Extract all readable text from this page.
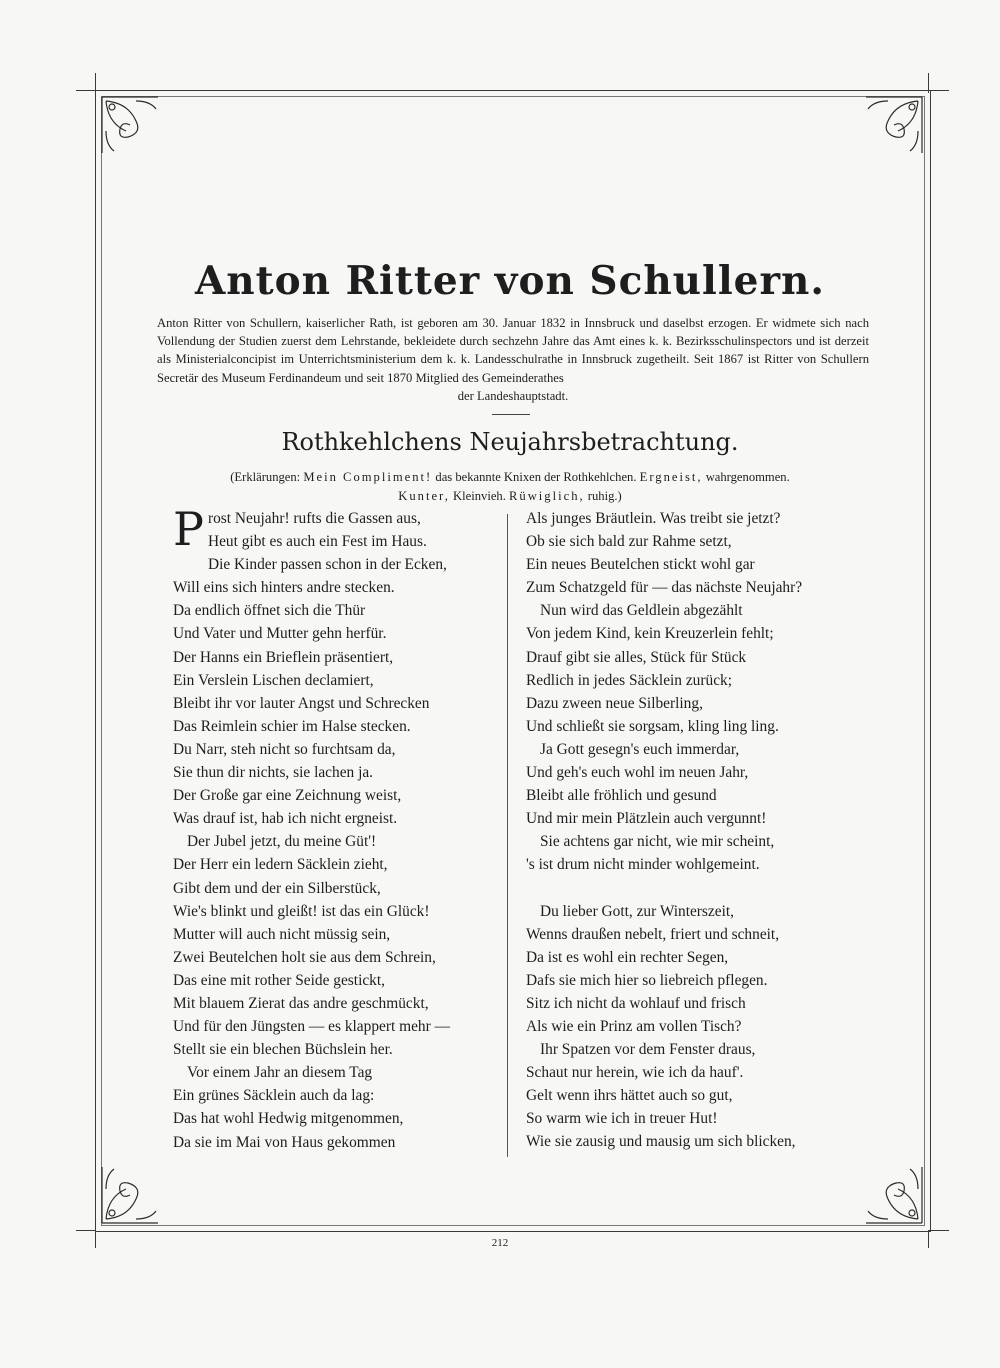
Anton Ritter von Schullern.
Anton Ritter von Schullern, kaiserlicher Rath, ist geboren am 30. Januar 1832 in Innsbruck und daselbst erzogen. Er widmete sich nach Vollendung der Studien zuerst dem Lehrstande, bekleidete durch sechzehn Jahre das Amt eines k. k. Bezirksschulinspectors und ist derzeit als Ministerialconcipist im Unterrichtsministerium dem k. k. Landesschulrathe in Innsbruck zugetheilt. Seit 1867 ist Ritter von Schullern Secretär des Museum Ferdinandeum und seit 1870 Mitglied des Gemeinderathes
der Landeshauptstadt.
Rothkehlchens Neujahrsbetrachtung.
(Erklärungen: Mein Compliment! das bekannte Knixen der Rothkehlchen. Ergneist, wahrgenommen.
Kunter, Kleinvieh. Rüwiglich, ruhig.)
Prost Neujahr! rufts die Gassen aus,
Heut gibt es auch ein Fest im Haus.
Die Kinder passen schon in der Ecken,
Will eins sich hinters andre stecken.
Da endlich öffnet sich die Thür
Und Vater und Mutter gehn herfür.
Der Hanns ein Brieflein präsentiert,
Ein Verslein Lischen declamiert,
Bleibt ihr vor lauter Angst und Schrecken
Das Reimlein schier im Halse stecken.
Du Narr, steh nicht so furchtsam da,
Sie thun dir nichts, sie lachen ja.
Der Große gar eine Zeichnung weist,
Was drauf ist, hab ich nicht ergneist.
Der Jubel jetzt, du meine Güt'!
Der Herr ein ledern Säcklein zieht,
Gibt dem und der ein Silberstück,
Wie's blinkt und gleißt! ist das ein Glück!
Mutter will auch nicht müssig sein,
Zwei Beutelchen holt sie aus dem Schrein,
Das eine mit rother Seide gestickt,
Mit blauem Zierat das andre geschmückt,
Und für den Jüngsten — es klappert mehr —
Stellt sie ein blechen Büchslein her.
Vor einem Jahr an diesem Tag
Ein grünes Säcklein auch da lag:
Das hat wohl Hedwig mitgenommen,
Da sie im Mai von Haus gekommen
Als junges Bräutlein. Was treibt sie jetzt?
Ob sie sich bald zur Rahme setzt,
Ein neues Beutelchen stickt wohl gar
Zum Schatzgeld für — das nächste Neujahr?
Nun wird das Geldlein abgezählt
Von jedem Kind, kein Kreuzerlein fehlt;
Drauf gibt sie alles, Stück für Stück
Redlich in jedes Säcklein zurück;
Dazu zween neue Silberling,
Und schließt sie sorgsam, kling ling ling.
Ja Gott gesegn's euch immerdar,
Und geh's euch wohl im neuen Jahr,
Bleibt alle fröhlich und gesund
Und mir mein Plätzlein auch vergunnt!
Sie achtens gar nicht, wie mir scheint,
's ist drum nicht minder wohlgemeint.
Du lieber Gott, zur Winterszeit,
Wenns draußen nebelt, friert und schneit,
Da ist es wohl ein rechter Segen,
Dafs sie mich hier so liebreich pflegen.
Sitz ich nicht da wohlauf und frisch
Als wie ein Prinz am vollen Tisch?
Ihr Spatzen vor dem Fenster draus,
Schaut nur herein, wie ich da hauf'.
Gelt wenn ihrs hättet auch so gut,
So warm wie ich in treuer Hut!
Wie sie zausig und mausig um sich blicken,
212
